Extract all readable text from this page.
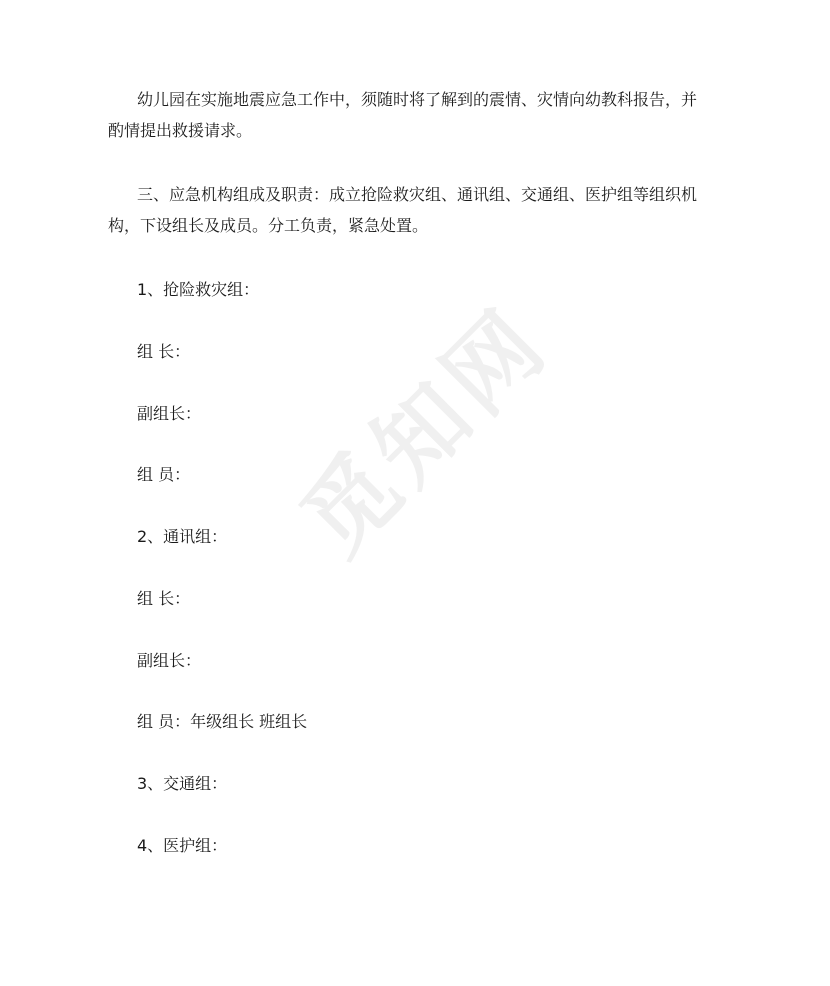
觅知网

幼儿园在实施地震应急工作中，须随时将了解到的震情、灾情向幼教科报告，并酌情提出救援请求。

三、应急机构组成及职责：成立抢险救灾组、通讯组、交通组、医护组等组织机构，下设组长及成员。分工负责，紧急处置。

1、抢险救灾组：

组 长：

副组长：

组 员：

2、通讯组：

组 长：

副组长：

组 员：年级组长 班组长

3、交通组：

4、医护组：
